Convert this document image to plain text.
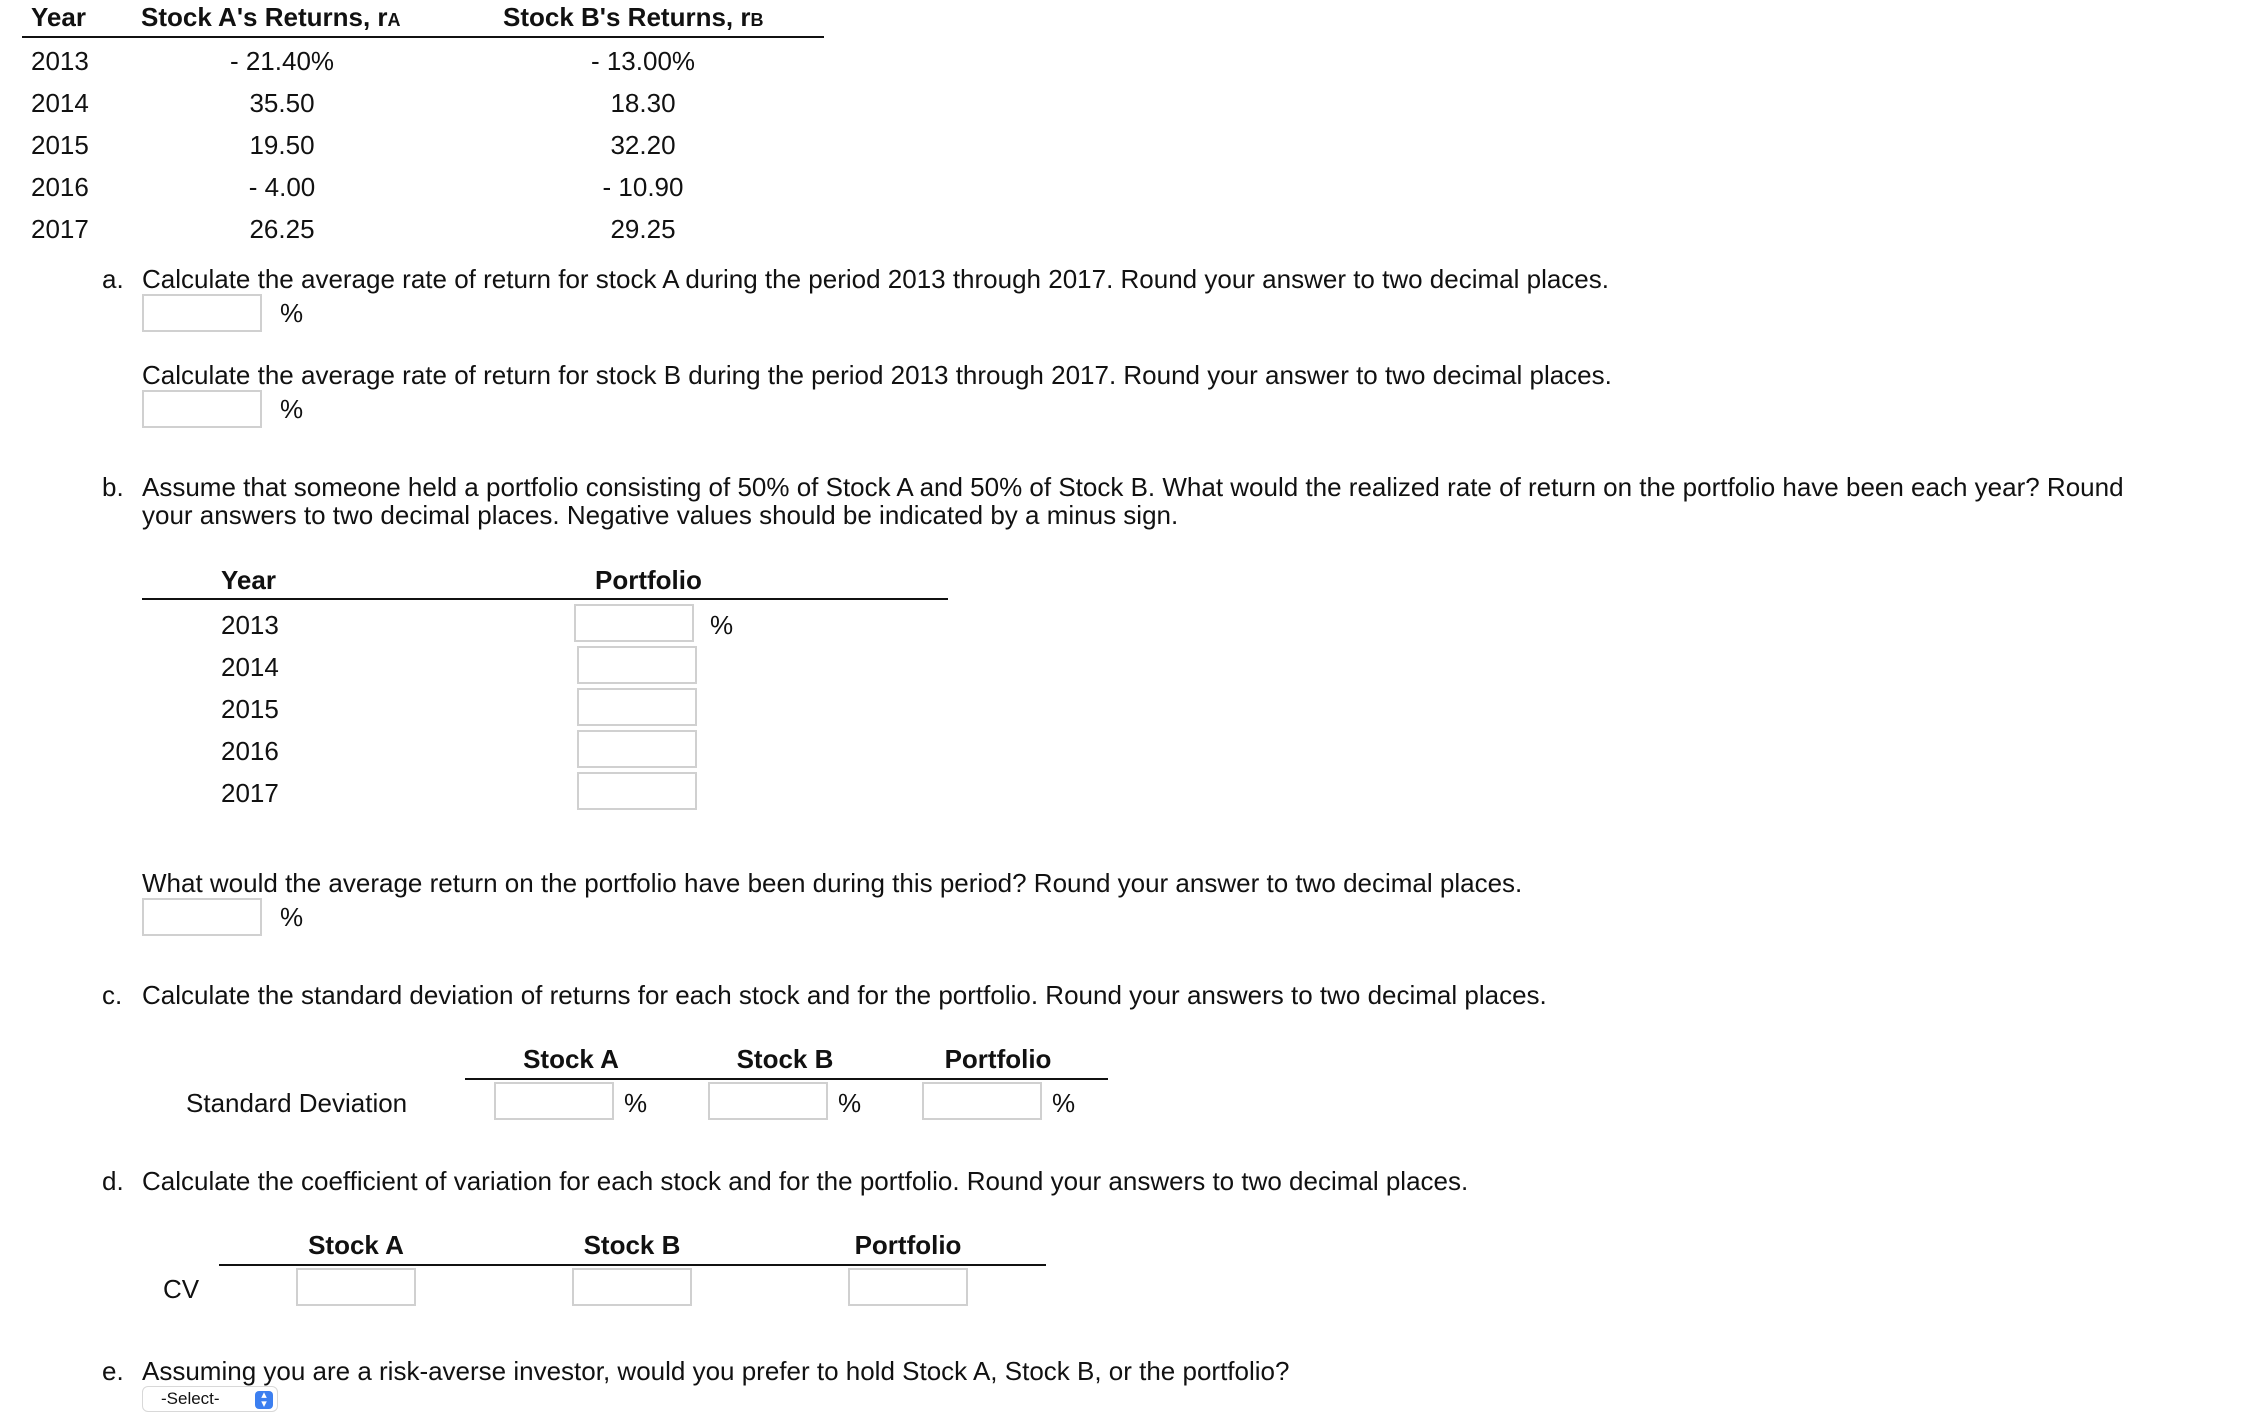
Year Stock A's Returns, rA	Stock B's Returns, rB
2013	- 21.40%	- 13.00%
2014	35.50	18.30
2015	19.50	32.20
2016	- 4.00	- 10.90
2017	26.25	29.25
a. Calculate the average rate of return for stock A during the period 2013 through 2017. Round your answer to two decimal places.
%
Calculate the average rate of return for stock B during the period 2013 through 2017. Round your answer to two decimal places.
%
b. Assume that someone held a portfolio consisting of 50% of Stock A and 50% of Stock B. What would the realized rate of return on the portfolio have been each year? Round
your answers to two decimal places. Negative values should be indicated by a minus sign.
Year	Portfolio
2013	%
2014
2015
2016
2017
What would the average return on the portfolio have been during this period? Round your answer to two decimal places.
%
c. Calculate the standard deviation of returns for each stock and for the portfolio. Round your answers to two decimal places.
Stock A	Stock B	Portfolio
Standard Deviation	%	%	%
d. Calculate the coefficient of variation for each stock and for the portfolio. Round your answers to two decimal places.
Stock A	Stock B	Portfolio
CV
e. Assuming you are a risk-averse investor, would you prefer to hold Stock A, Stock B, or the portfolio?
-Select-	▴
▾
